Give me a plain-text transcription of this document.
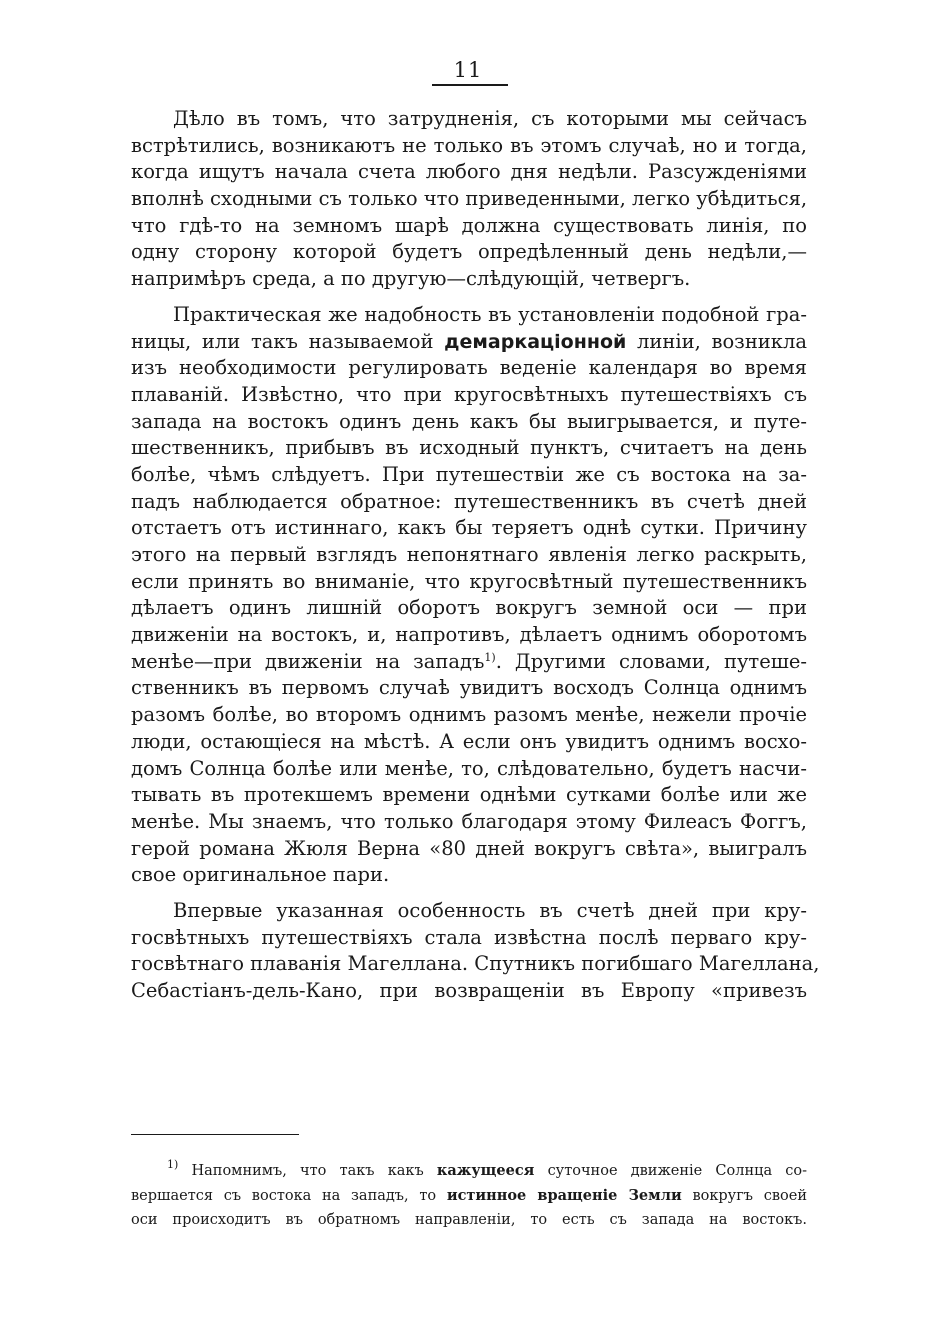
11
Дѣло въ томъ, что затрудненія, съ которыми мы сейчасъ
встрѣтились, возникаютъ не только въ этомъ случаѣ, но и тогда,
когда ищутъ начала счета любого дня недѣли. Разсужденіями
вполнѣ сходными съ только что приведенными, легко убѣдиться,
что гдѣ-то на земномъ шарѣ должна существовать линія, по
одну сторону которой будетъ опредѣленный день недѣли,—
напримѣръ среда, а по другую—слѣдующій, четвергъ.
Практическая же надобность въ установленіи подобной гра-
ницы, или такъ называемой демаркаціонной линіи, возникла
изъ необходимости регулировать веденіе календаря во время
плаваній. Извѣстно, что при кругосвѣтныхъ путешествіяхъ съ
запада на востокъ одинъ день какъ бы выигрывается, и путе-
шественникъ, прибывъ въ исходный пунктъ, считаетъ на день
болѣе, чѣмъ слѣдуетъ. При путешествіи же съ востока на за-
падъ наблюдается обратное: путешественникъ въ счетѣ дней
отстаетъ отъ истиннаго, какъ бы теряетъ однѣ сутки. Причину
этого на первый взглядъ непонятнаго явленія легко раскрыть,
если принять во вниманіе, что кругосвѣтный путешественникъ
дѣлаетъ одинъ лишній оборотъ вокругъ земной оси — при
движеніи на востокъ, и, напротивъ, дѣлаетъ однимъ оборотомъ
менѣе—при движеніи на западъ$^{1)}$. Другими словами, путеше-
ственникъ въ первомъ случаѣ увидитъ восходъ Солнца однимъ
разомъ болѣе, во второмъ однимъ разомъ менѣе, нежели прочіе
люди, остающіеся на мѣстѣ. А если онъ увидитъ однимъ восхо-
домъ Солнца болѣе или менѣе, то, слѣдовательно, будетъ насчи-
тывать въ протекшемъ времени однѣми сутками болѣе или же
менѣе. Мы знаемъ, что только благодаря этому Филеасъ Фоггъ,
герой романа Жюля Верна «80 дней вокругъ свѣта», выигралъ
свое оригинальное пари.
Впервые указанная особенность въ счетѣ дней при кру-
госвѣтныхъ путешествіяхъ стала извѣстна послѣ перваго кру-
госвѣтнаго плаванія Магеллана. Спутникъ погибшаго Магеллана,
Себастіанъ-дель-Кано, при возвращеніи въ Европу «привезъ
$^{1)}$ Напомнимъ, что такъ какъ кажущееся суточное движеніе Солнца со-
вершается съ востока на западъ, то истинное вращеніе Земли вокругъ своей
оси происходитъ въ обратномъ направленіи, то есть съ запада на востокъ.
